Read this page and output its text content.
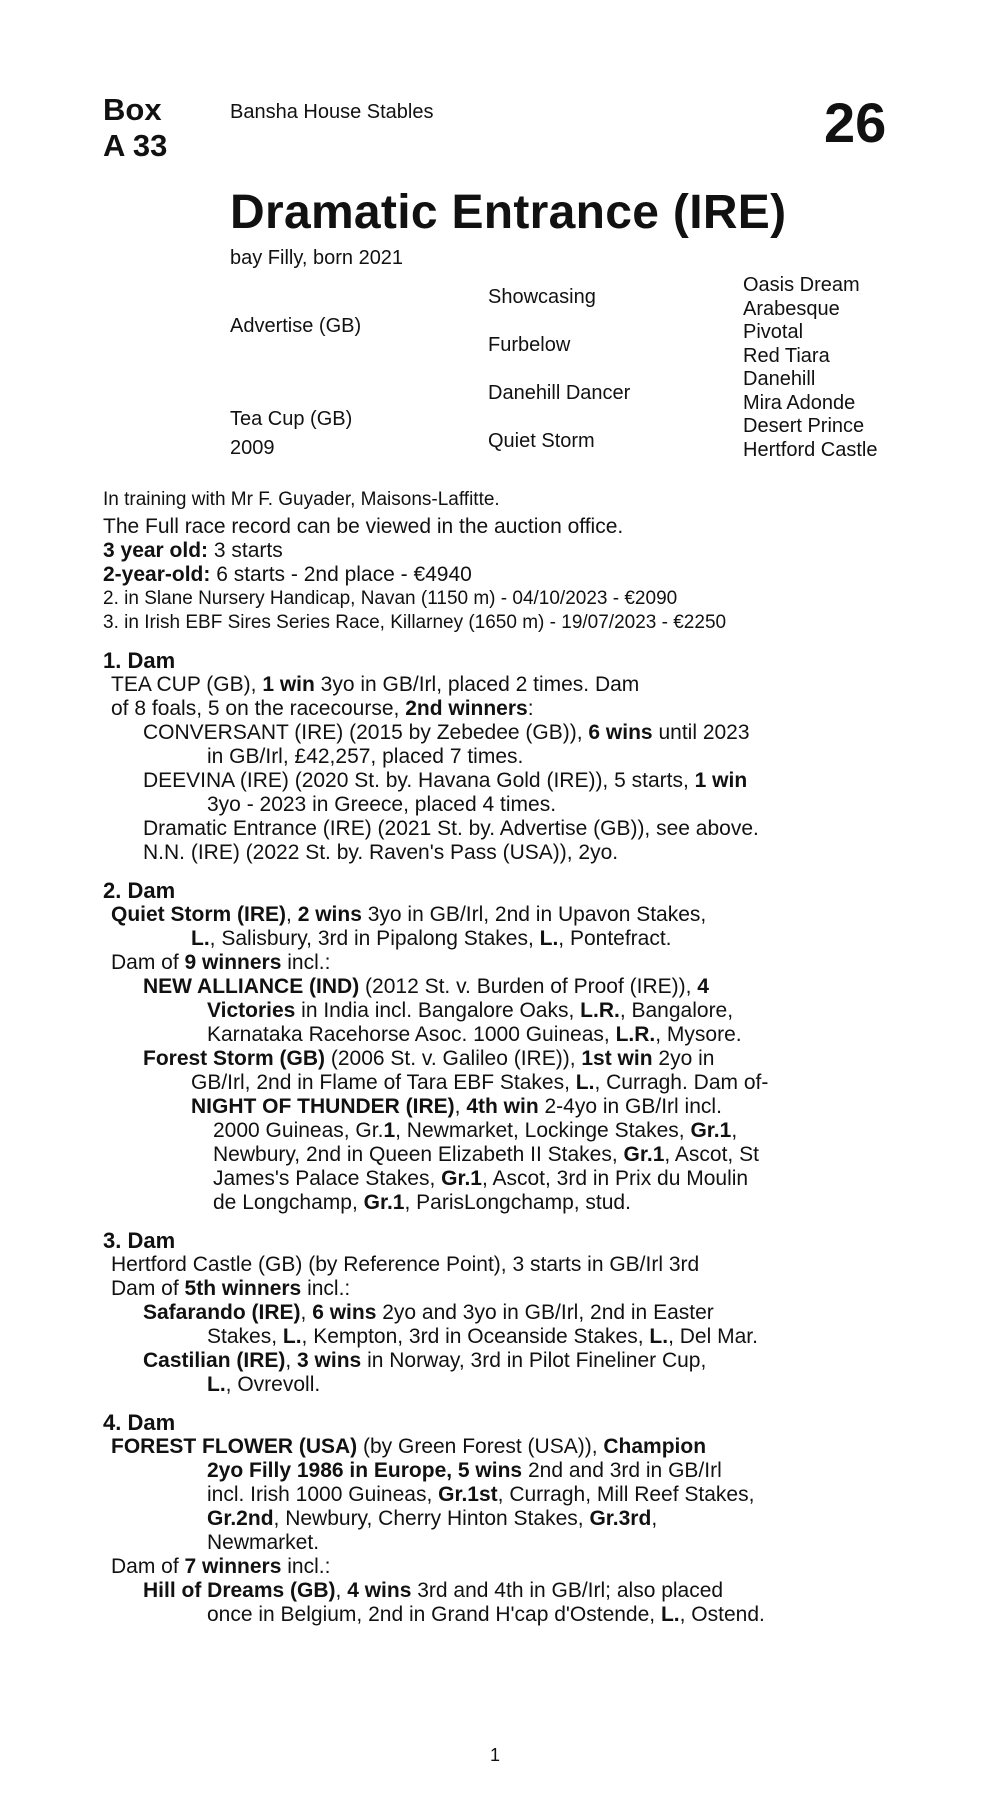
Box
A 33
Bansha House Stables	26
Dramatic Entrance (IRE)
bay Filly, born 2021
Advertise (GB)
Tea Cup (GB)
2009
Showcasing
Furbelow
Danehill Dancer
Quiet Storm
Oasis Dream
Arabesque
Pivotal
Red Tiara
Danehill
Mira Adonde
Desert Prince
Hertford Castle

In training with Mr F. Guyader, Maisons-Laffitte.

The Full race record can be viewed in the auction office.

3 year old: 3 starts

2-year-old: 6 starts - 2nd place - €4940

2. in Slane Nursery Handicap, Navan (1150 m) - 04/10/2023 - €2090

3. in Irish EBF Sires Series Race, Killarney (1650 m) - 19/07/2023 - €2250

1. Dam

TEA CUP (GB), 1 win 3yo in GB/Irl, placed 2 times. Dam

of 8 foals, 5 on the racecourse, 2nd winners:

CONVERSANT (IRE) (2015 by Zebedee (GB)), 6 wins until 2023

in GB/Irl, £42,257, placed 7 times.

DEEVINA (IRE) (2020 St. by. Havana Gold (IRE)), 5 starts, 1 win

3yo - 2023 in Greece, placed 4 times.

Dramatic Entrance (IRE) (2021 St. by. Advertise (GB)), see above.

N.N. (IRE) (2022 St. by. Raven's Pass (USA)), 2yo.

2. Dam

Quiet Storm (IRE), 2 wins 3yo in GB/Irl, 2nd in Upavon Stakes,

L., Salisbury, 3rd in Pipalong Stakes, L., Pontefract.

Dam of 9 winners incl.:

NEW ALLIANCE (IND) (2012 St. v. Burden of Proof (IRE)), 4

Victories in India incl. Bangalore Oaks, L.R., Bangalore,

Karnataka Racehorse Asoc. 1000 Guineas, L.R., Mysore.

Forest Storm (GB) (2006 St. v. Galileo (IRE)), 1st win 2yo in

GB/Irl, 2nd in Flame of Tara EBF Stakes, L., Curragh. Dam of-

NIGHT OF THUNDER (IRE), 4th win 2-4yo in GB/Irl incl.

2000 Guineas, Gr.1, Newmarket, Lockinge Stakes, Gr.1,

Newbury, 2nd in Queen Elizabeth II Stakes, Gr.1, Ascot, St

James's Palace Stakes, Gr.1, Ascot, 3rd in Prix du Moulin

de Longchamp, Gr.1, ParisLongchamp, stud.

3. Dam

Hertford Castle (GB) (by Reference Point), 3 starts in GB/Irl 3rd

Dam of 5th winners incl.:

Safarando (IRE), 6 wins 2yo and 3yo in GB/Irl, 2nd in Easter

Stakes, L., Kempton, 3rd in Oceanside Stakes, L., Del Mar.

Castilian (IRE), 3 wins in Norway, 3rd in Pilot Fineliner Cup,

L., Ovrevoll.

4. Dam

FOREST FLOWER (USA) (by Green Forest (USA)), Champion

2yo Filly 1986 in Europe, 5 wins 2nd and 3rd in GB/Irl

incl. Irish 1000 Guineas, Gr.1st, Curragh, Mill Reef Stakes,

Gr.2nd, Newbury, Cherry Hinton Stakes, Gr.3rd,

Newmarket.

Dam of 7 winners incl.:

Hill of Dreams (GB), 4 wins 3rd and 4th in GB/Irl; also placed

once in Belgium, 2nd in Grand H'cap d'Ostende, L., Ostend.

1
